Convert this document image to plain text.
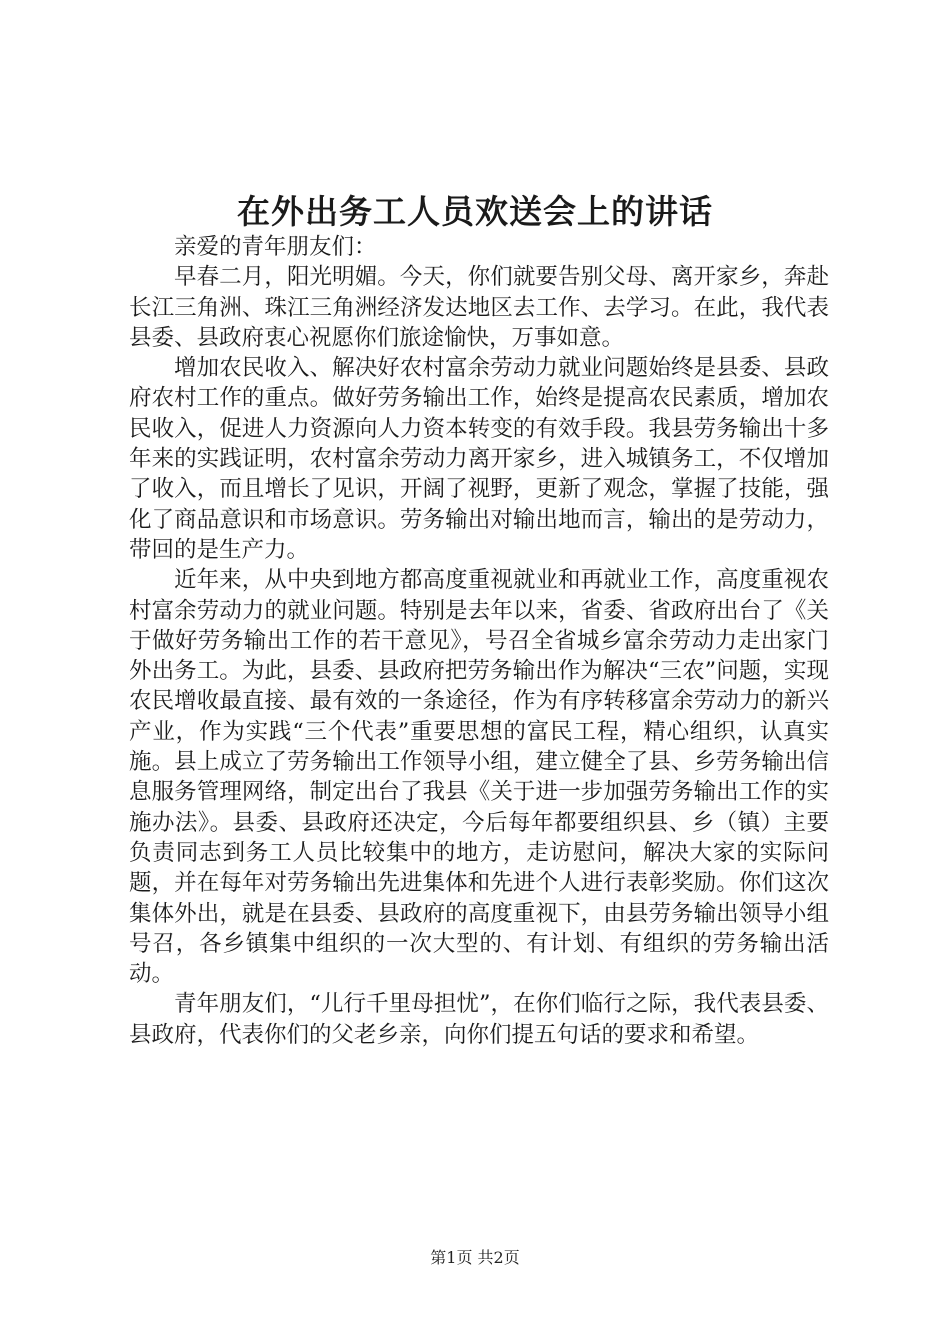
在外出务工人员欢送会上的讲话

亲爱的青年朋友们：

早春二月，阳光明媚。今天，你们就要告别父母、离开家乡，奔赴长江三角洲、珠江三角洲经济发达地区去工作、去学习。在此，我代表县委、县政府衷心祝愿你们旅途愉快，万事如意。

增加农民收入、解决好农村富余劳动力就业问题始终是县委、县政府农村工作的重点。做好劳务输出工作，始终是提高农民素质，增加农民收入，促进人力资源向人力资本转变的有效手段。我县劳务输出十多年来的实践证明，农村富余劳动力离开家乡，进入城镇务工，不仅增加了收入，而且增长了见识，开阔了视野，更新了观念，掌握了技能，强化了商品意识和市场意识。劳务输出对输出地而言，输出的是劳动力，带回的是生产力。

近年来，从中央到地方都高度重视就业和再就业工作，高度重视农村富余劳动力的就业问题。特别是去年以来，省委、省政府出台了《关于做好劳务输出工作的若干意见》，号召全省城乡富余劳动力走出家门外出务工。为此，县委、县政府把劳务输出作为解决“三农”问题，实现农民增收最直接、最有效的一条途径，作为有序转移富余劳动力的新兴产业，作为实践“三个代表”重要思想的富民工程，精心组织，认真实施。县上成立了劳务输出工作领导小组，建立健全了县、乡劳务输出信息服务管理网络，制定出台了我县《关于进一步加强劳务输出工作的实施办法》。县委、县政府还决定，今后每年都要组织县、乡（镇）主要负责同志到务工人员比较集中的地方，走访慰问，解决大家的实际问题，并在每年对劳务输出先进集体和先进个人进行表彰奖励。你们这次集体外出，就是在县委、县政府的高度重视下，由县劳务输出领导小组号召，各乡镇集中组织的一次大型的、有计划、有组织的劳务输出活动。

青年朋友们，“儿行千里母担忧”，在你们临行之际，我代表县委、县政府，代表你们的父老乡亲，向你们提五句话的要求和希望。

第1页 共2页
